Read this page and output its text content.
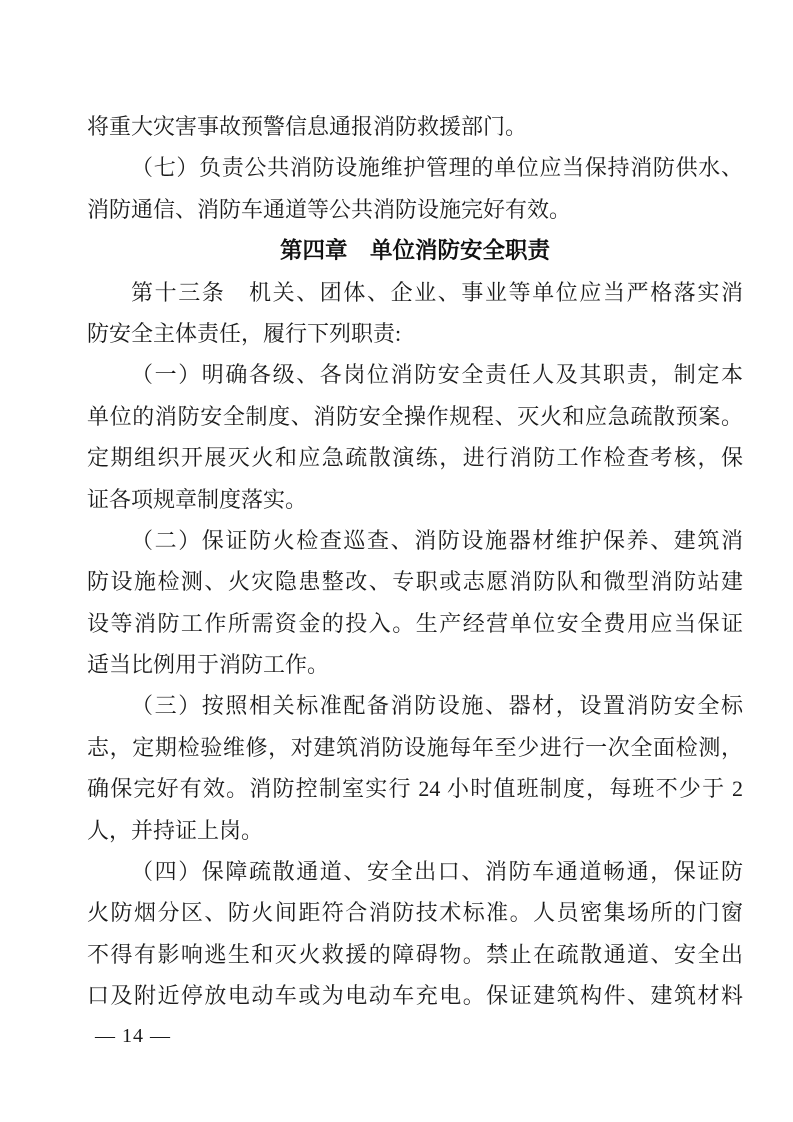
将重大灾害事故预警信息通报消防救援部门。
（七）负责公共消防设施维护管理的单位应当保持消防供水、
消防通信、消防车通道等公共消防设施完好有效。
第四章　单位消防安全职责
第十三条　机关、团体、企业、事业等单位应当严格落实消
防安全主体责任，履行下列职责:
（一）明确各级、各岗位消防安全责任人及其职责，制定本
单位的消防安全制度、消防安全操作规程、灭火和应急疏散预案。
定期组织开展灭火和应急疏散演练，进行消防工作检查考核，保
证各项规章制度落实。
（二）保证防火检查巡查、消防设施器材维护保养、建筑消
防设施检测、火灾隐患整改、专职或志愿消防队和微型消防站建
设等消防工作所需资金的投入。生产经营单位安全费用应当保证
适当比例用于消防工作。
（三）按照相关标准配备消防设施、器材，设置消防安全标
志，定期检验维修，对建筑消防设施每年至少进行一次全面检测，
确保完好有效。消防控制室实行 24 小时值班制度，每班不少于 2
人，并持证上岗。
（四）保障疏散通道、安全出口、消防车通道畅通，保证防
火防烟分区、防火间距符合消防技术标准。人员密集场所的门窗
不得有影响逃生和灭火救援的障碍物。禁止在疏散通道、安全出
口及附近停放电动车或为电动车充电。保证建筑构件、建筑材料
— 14 —
